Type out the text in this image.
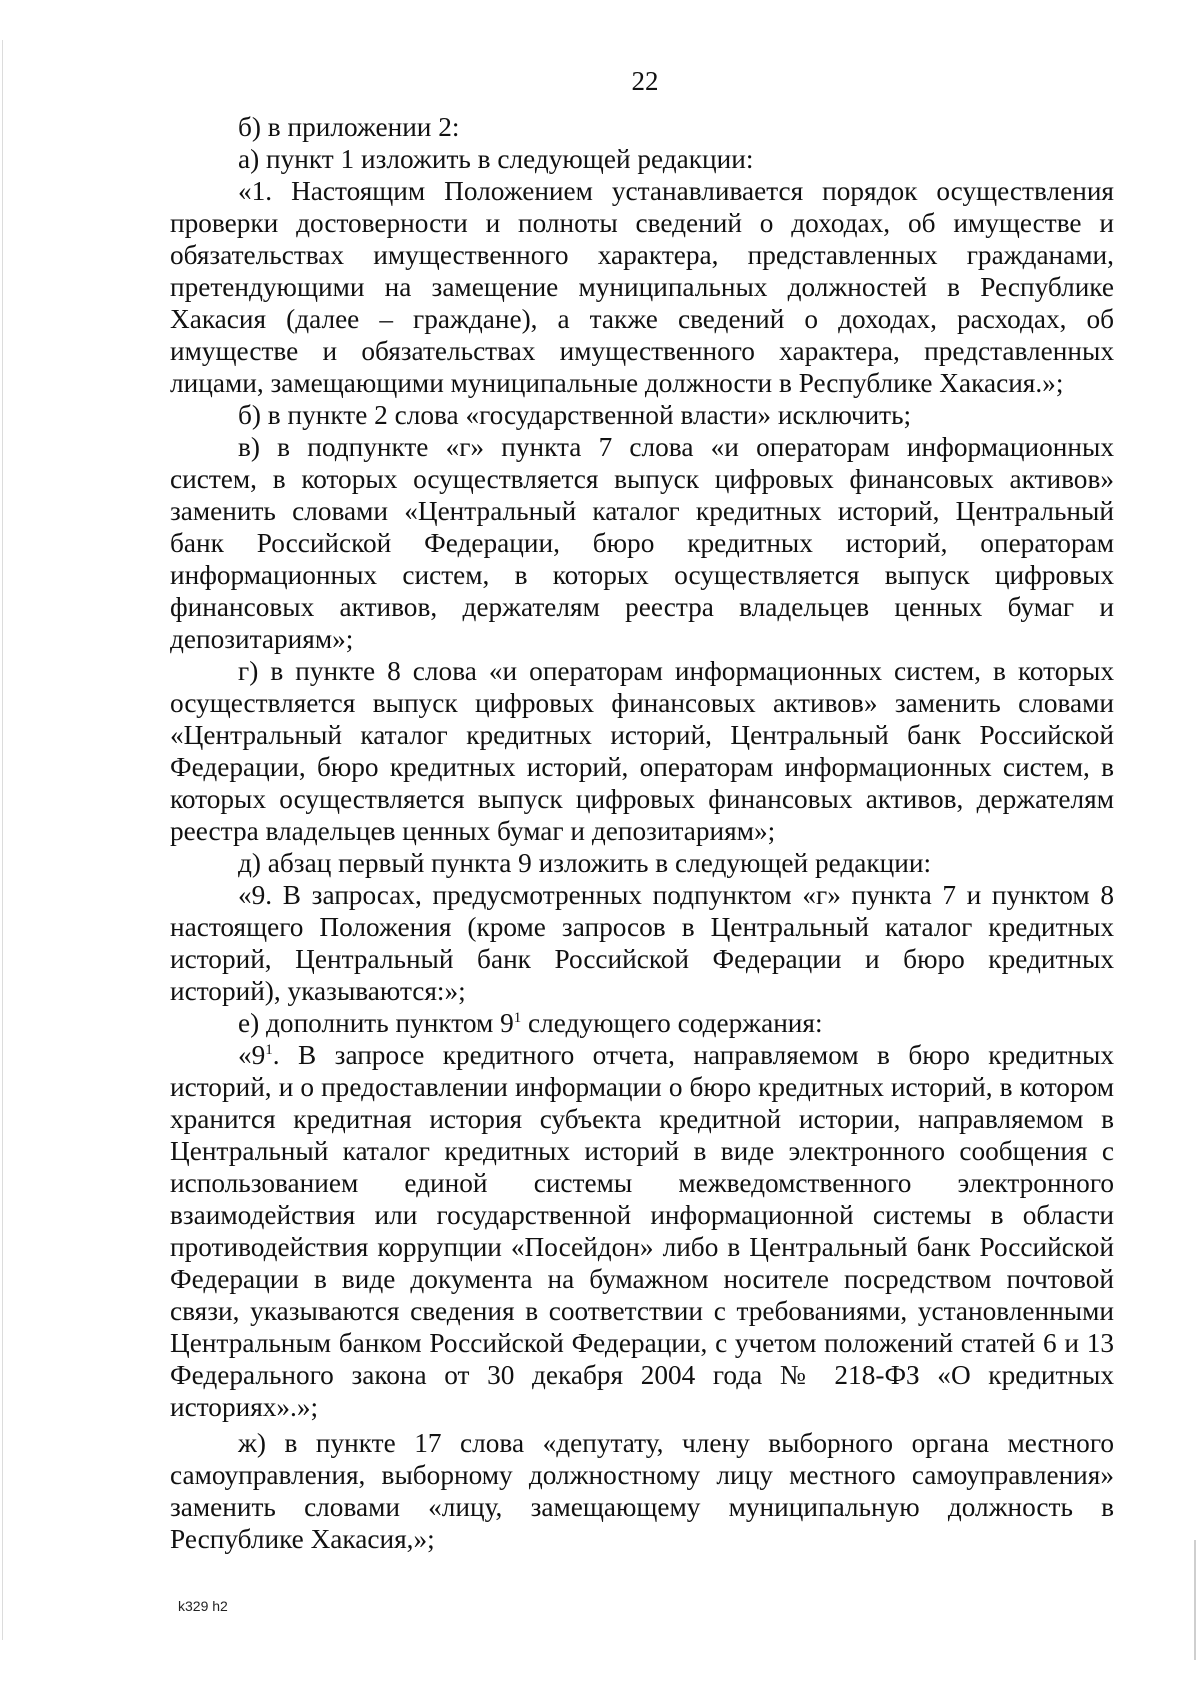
22

б) в приложении 2:

а) пункт 1 изложить в следующей редакции:

«1. Настоящим Положением устанавливается порядок осуществления проверки достоверности и полноты сведений о доходах, об имуществе и обязательствах имущественного характера, представленных гражданами, претендующими на замещение муниципальных должностей в Республике Хакасия (далее – граждане), а также сведений о доходах, расходах, об имуществе и обязательствах имущественного характера, представленных лицами, замещающими муниципальные должности в Республике Хакасия.»;

б) в пункте 2 слова «государственной власти» исключить;

в) в подпункте «г» пункта 7 слова «и операторам информационных систем, в которых осуществляется выпуск цифровых финансовых активов» заменить словами «Центральный каталог кредитных историй, Центральный банк Российской Федерации, бюро кредитных историй, операторам информационных систем, в которых осуществляется выпуск цифровых финансовых активов, держателям реестра владельцев ценных бумаг и депозитариям»;

г) в пункте 8 слова «и операторам информационных систем, в которых осуществляется выпуск цифровых финансовых активов» заменить словами «Центральный каталог кредитных историй, Центральный банк Российской Федерации, бюро кредитных историй, операторам информационных систем, в которых осуществляется выпуск цифровых финансовых активов, держателям реестра владельцев ценных бумаг и депозитариям»;

д) абзац первый пункта 9 изложить в следующей редакции:

«9. В запросах, предусмотренных подпунктом «г» пункта 7 и пунктом 8 настоящего Положения (кроме запросов в Центральный каталог кредитных историй, Центральный банк Российской Федерации и бюро кредитных историй), указываются:»;

е) дополнить пунктом $9^1$ следующего содержания:

«$9^1$. В запросе кредитного отчета, направляемом в бюро кредитных историй, и о предоставлении информации о бюро кредитных историй, в котором хранится кредитная история субъекта кредитной истории, направляемом в Центральный каталог кредитных историй в виде электронного сообщения с использованием единой системы межведомственного электронного взаимодействия или государственной информационной системы в области противодействия коррупции «Посейдон» либо в Центральный банк Российской Федерации в виде документа на бумажном носителе посредством почтовой связи, указываются сведения в соответствии с требованиями, установленными Центральным банком Российской Федерации, с учетом положений статей 6 и 13 Федерального закона от 30 декабря 2004 года № 218-ФЗ «О кредитных историях».»;

ж) в пункте 17 слова «депутату, члену выборного органа местного самоуправления, выборному должностному лицу местного самоуправления» заменить словами «лицу, замещающему муниципальную должность в Республике Хакасия,»;

k329 h2
